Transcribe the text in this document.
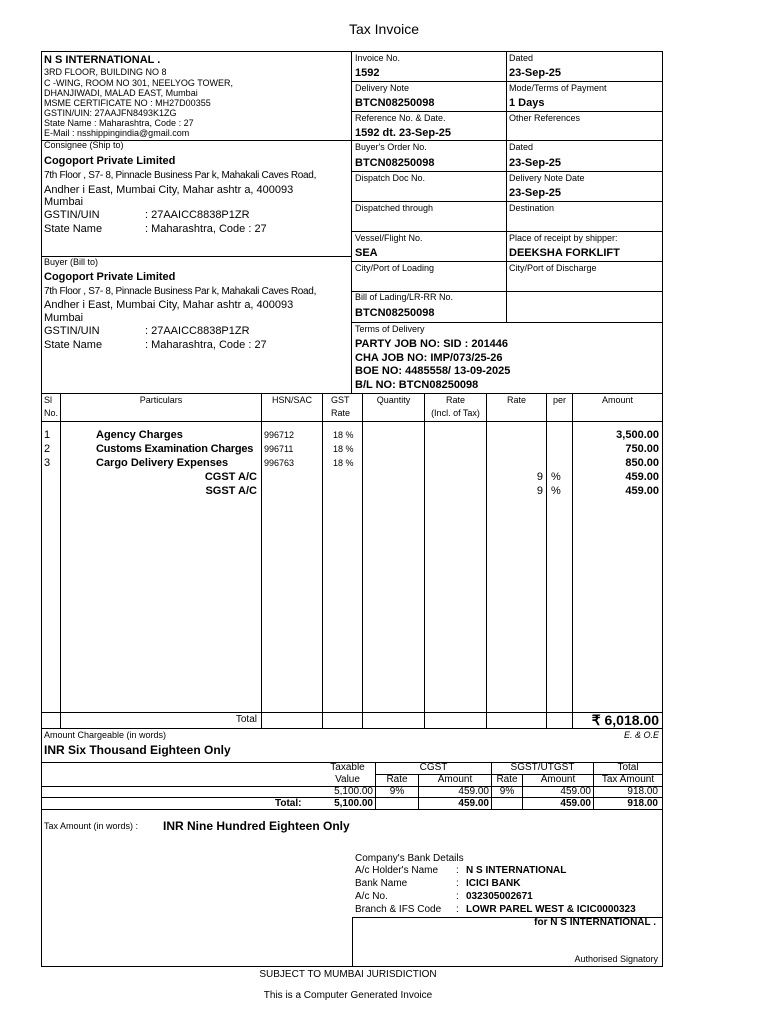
Tax Invoice
N S INTERNATIONAL .
3RD FLOOR, BUILDING NO 8
C -WING, ROOM NO 301, NEELYOG TOWER,
DHANJIWADI, MALAD EAST, Mumbai
MSME CERTIFICATE NO : MH27D00355
GSTIN/UIN: 27AAJFN8493K1ZG
State Name : Maharashtra, Code : 27
E-Mail : nsshippingindia@gmail.com
Consignee (Ship to)
Cogoport Private Limited
7th Floor , S7- 8, Pinnacle Business Par k, Mahakali Caves Road,
Andher i East, Mumbai City, Mahar ashtr a, 400093
Mumbai
GSTIN/UIN	: 27AAICC8838P1ZR
State Name	: Maharashtra, Code : 27
Buyer (Bill to)
Cogoport Private Limited
7th Floor , S7- 8, Pinnacle Business Par k, Mahakali Caves Road,
Andher i East, Mumbai City, Mahar ashtr a, 400093
Mumbai
GSTIN/UIN	: 27AAICC8838P1ZR
State Name	: Maharashtra, Code : 27
Invoice No.
1592
Dated
23-Sep-25
Delivery Note
BTCN08250098
Mode/Terms of Payment
1 Days
Reference No. & Date.
1592 dt. 23-Sep-25
Other References
Buyer's Order No.
BTCN08250098
Dated
23-Sep-25
Dispatch Doc No.	Delivery Note Date
23-Sep-25
Dispatched through	Destination
Vessel/Flight No.
SEA
Place of receipt by shipper:
DEEKSHA FORKLIFT
City/Port of Loading	City/Port of Discharge
Bill of Lading/LR-RR No.
BTCN08250098
Terms of Delivery
PARTY JOB NO: SID : 201446
CHA JOB NO: IMP/073/25-26
BOE NO: 4485558/ 13-09-2025
B/L NO: BTCN08250098
Sl
No.
Particulars	HSN/SAC	GST
Rate
Quantity	Rate
(Incl. of Tax)
Rate	per	Amount
1	Agency Charges	996712	18 %	3,500.00
2	Customs Examination Charges 996711	18 %	750.00
3	Cargo Delivery Expenses	996763	18 %	850.00
CGST A/C	9 %	459.00
SGST A/C	9 %	459.00
Total	₹ 6,018.00
Amount Chargeable (in words)	E. & O.E
INR Six Thousand Eighteen Only
Taxable
Value
CGST	SGST/UTGST	Total
Tax Amount
Rate	Amount	Rate	Amount
5,100.00	9%	459.00	9%	459.00	918.00
Total:	5,100.00	459.00	459.00	918.00
Tax Amount (in words) : INR Nine Hundred Eighteen Only
Company's Bank Details
A/c Holder's Name : N S INTERNATIONAL
Bank Name	: ICICI BANK
A/c No.	: 032305002671
Branch & IFS Code : LOWR PAREL WEST & ICIC0000323
for N S INTERNATIONAL .
Authorised Signatory
SUBJECT TO MUMBAI JURISDICTION
This is a Computer Generated Invoice
